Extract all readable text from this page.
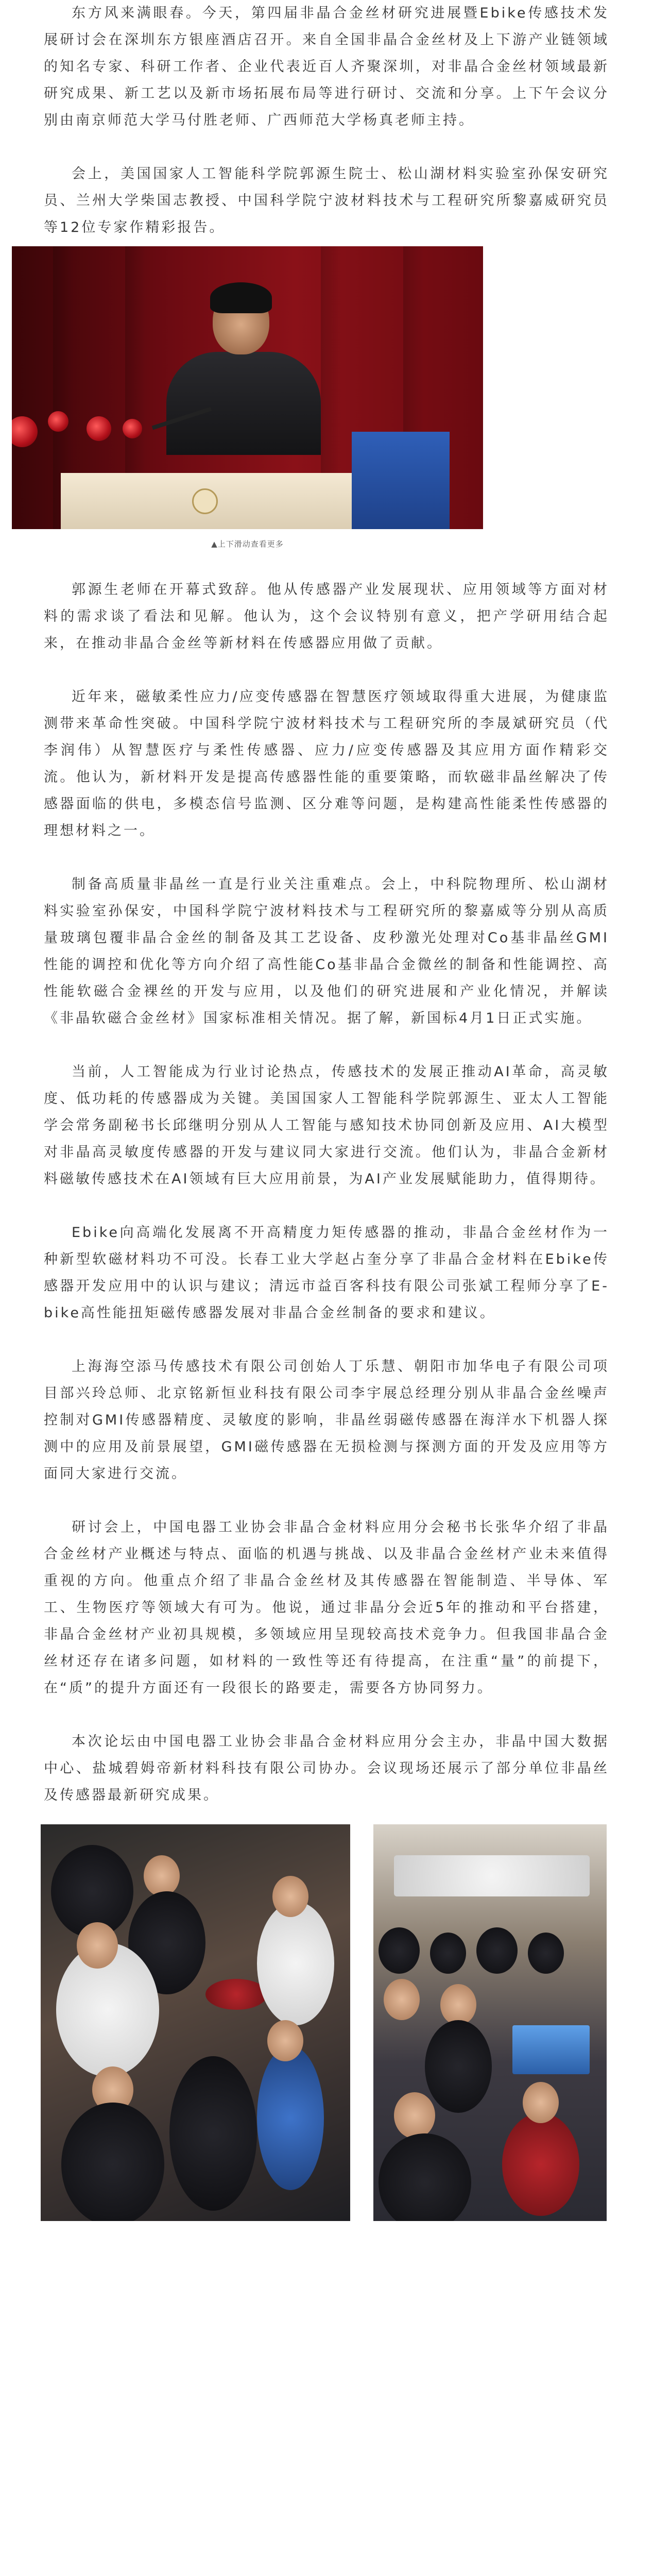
东方风来满眼春。今天，第四届非晶合金丝材研究进展暨Ebike传感技术发展研讨会在深圳东方银座酒店召开。来自全国非晶合金丝材及上下游产业链领域的知名专家、科研工作者、企业代表近百人齐聚深圳，对非晶合金丝材领域最新研究成果、新工艺以及新市场拓展布局等进行研讨、交流和分享。上下午会议分别由南京师范大学马付胜老师、广西师范大学杨真老师主持。

会上，美国国家人工智能科学院郭源生院士、松山湖材料实验室孙保安研究员、兰州大学柴国志教授、中国科学院宁波材料技术与工程研究所黎嘉威研究员等12位专家作精彩报告。

▲上下滑动查看更多

郭源生老师在开幕式致辞。他从传感器产业发展现状、应用领域等方面对材料的需求谈了看法和见解。他认为，这个会议特别有意义，把产学研用结合起来，在推动非晶合金丝等新材料在传感器应用做了贡献。

近年来，磁敏柔性应力/应变传感器在智慧医疗领域取得重大进展，为健康监测带来革命性突破。中国科学院宁波材料技术与工程研究所的李晟斌研究员（代李润伟）从智慧医疗与柔性传感器、应力/应变传感器及其应用方面作精彩交流。他认为，新材料开发是提高传感器性能的重要策略，而软磁非晶丝解决了传感器面临的供电，多模态信号监测、区分难等问题，是构建高性能柔性传感器的理想材料之一。

制备高质量非晶丝一直是行业关注重难点。会上，中科院物理所、松山湖材料实验室孙保安，中国科学院宁波材料技术与工程研究所的黎嘉威等分别从高质量玻璃包覆非晶合金丝的制备及其工艺设备、皮秒激光处理对Co基非晶丝GMI性能的调控和优化等方向介绍了高性能Co基非晶合金微丝的制备和性能调控、高性能软磁合金裸丝的开发与应用，以及他们的研究进展和产业化情况，并解读《非晶软磁合金丝材》国家标准相关情况。据了解，新国标4月1日正式实施。

当前，人工智能成为行业讨论热点，传感技术的发展正推动AI革命，高灵敏度、低功耗的传感器成为关键。美国国家人工智能科学院郭源生、亚太人工智能学会常务副秘书长邱继明分别从人工智能与感知技术协同创新及应用、AI大模型对非晶高灵敏度传感器的开发与建议同大家进行交流。他们认为，非晶合金新材料磁敏传感技术在AI领域有巨大应用前景，为AI产业发展赋能助力，值得期待。

Ebike向高端化发展离不开高精度力矩传感器的推动，非晶合金丝材作为一种新型软磁材料功不可没。长春工业大学赵占奎分享了非晶合金材料在Ebike传感器开发应用中的认识与建议；清远市益百客科技有限公司张斌工程师分享了E-bike高性能扭矩磁传感器发展对非晶合金丝制备的要求和建议。

上海海空添马传感技术有限公司创始人丁乐慧、朝阳市加华电子有限公司项目部兴玲总师、北京铭新恒业科技有限公司李宇展总经理分别从非晶合金丝噪声控制对GMI传感器精度、灵敏度的影响，非晶丝弱磁传感器在海洋水下机器人探测中的应用及前景展望，GMI磁传感器在无损检测与探测方面的开发及应用等方面同大家进行交流。

研讨会上，中国电器工业协会非晶合金材料应用分会秘书长张华介绍了非晶合金丝材产业概述与特点、面临的机遇与挑战、以及非晶合金丝材产业未来值得重视的方向。他重点介绍了非晶合金丝材及其传感器在智能制造、半导体、军工、生物医疗等领域大有可为。他说，通过非晶分会近5年的推动和平台搭建，非晶合金丝材产业初具规模，多领域应用呈现较高技术竞争力。但我国非晶合金丝材还存在诸多问题，如材料的一致性等还有待提高，在注重“量”的前提下，在“质”的提升方面还有一段很长的路要走，需要各方协同努力。

本次论坛由中国电器工业协会非晶合金材料应用分会主办，非晶中国大数据中心、盐城碧姆帝新材料科技有限公司协办。会议现场还展示了部分单位非晶丝及传感器最新研究成果。
